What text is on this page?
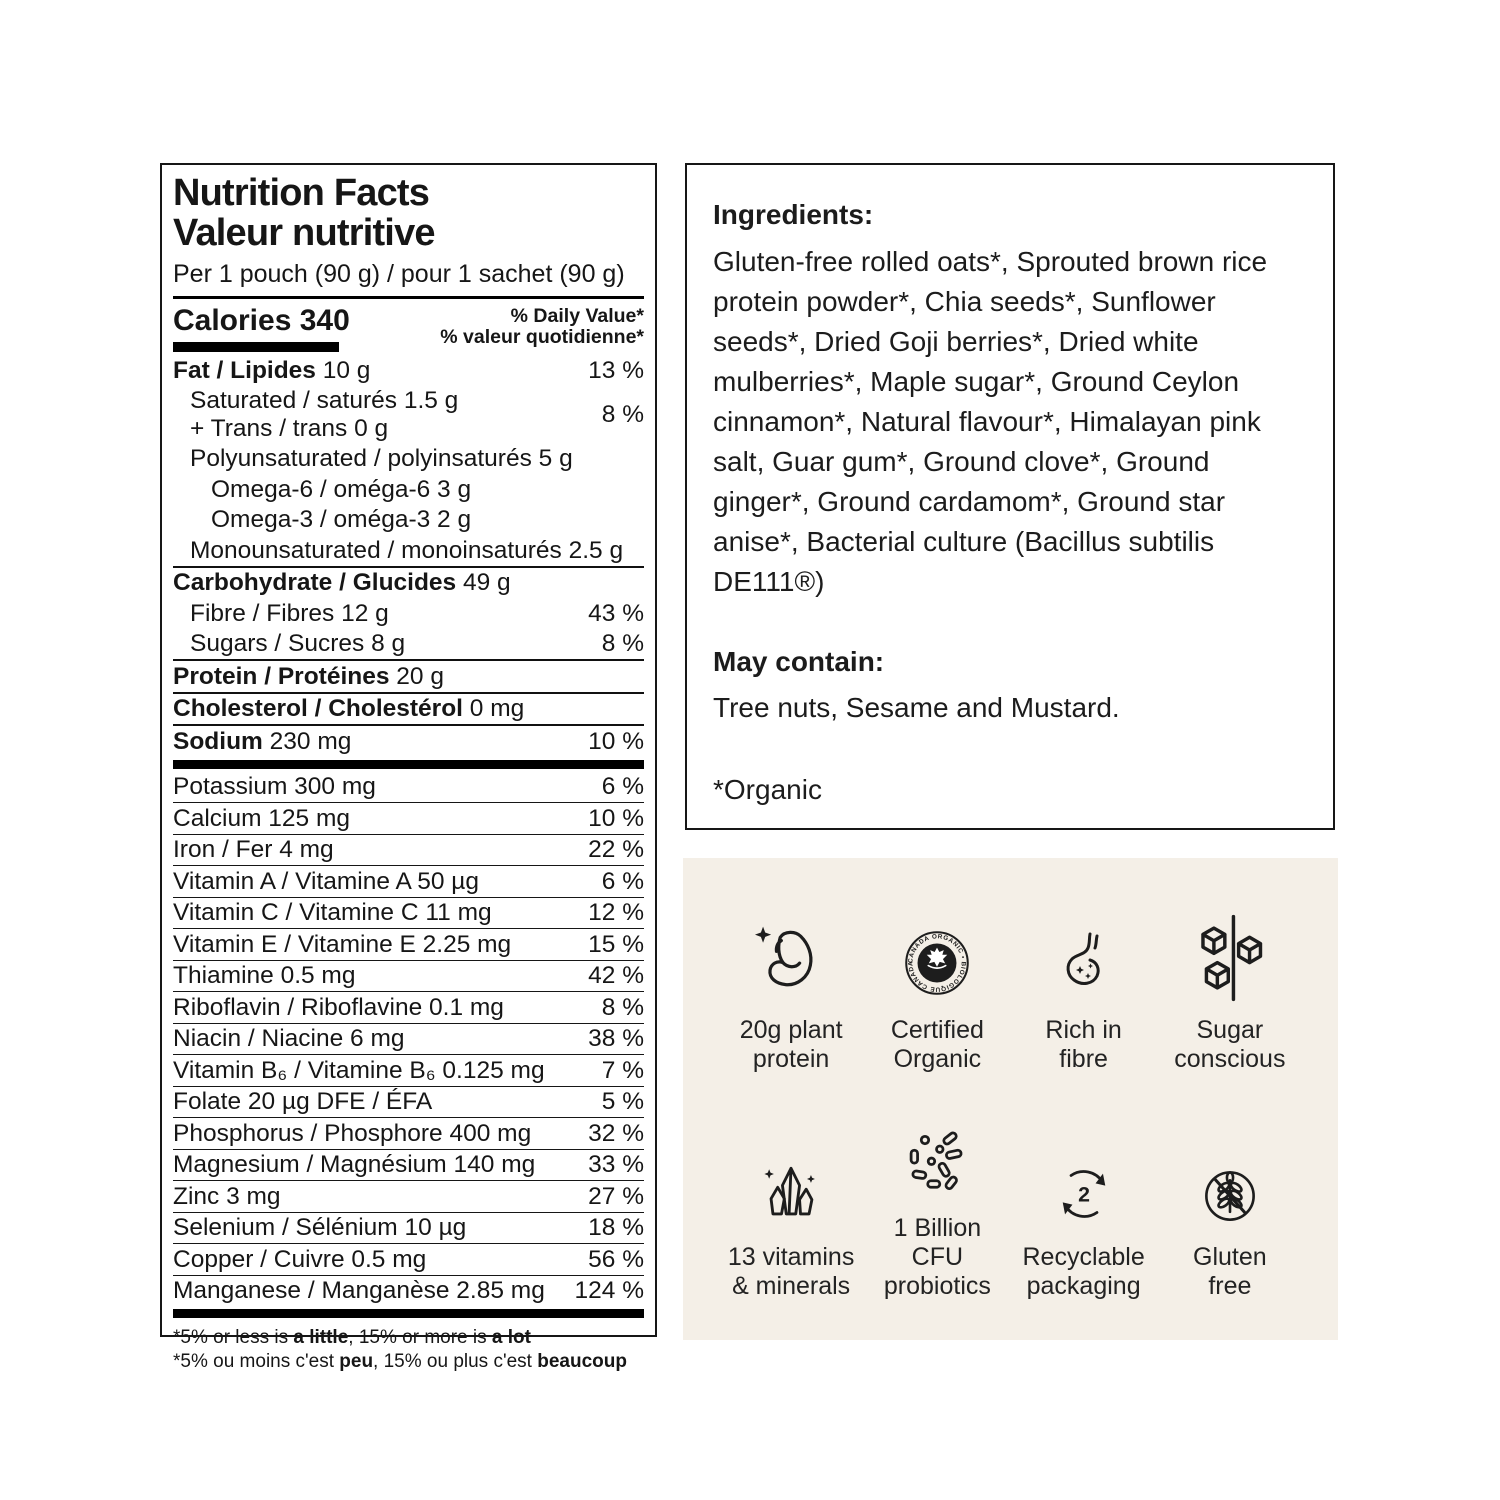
Nutrition Facts
Valeur nutritive
Per 1 pouch (90 g) / pour 1 sachet (90 g)
Calories 340	% Daily Value*
% valeur quotidienne*
Fat / Lipides 10 g	13 %
Saturated / saturés 1.5 g
+ Trans / trans 0 g
8 %
Polyunsaturated / polyinsaturés 5 g
Omega-6 / oméga-6 3 g
Omega-3 / oméga-3 2 g
Monounsaturated / monoinsaturés 2.5 g
Carbohydrate / Glucides 49 g
Fibre / Fibres 12 g	43 %
Sugars / Sucres 8 g	8 %
Protein / Protéines 20 g
Cholesterol / Cholestérol 0 mg
Sodium 230 mg	10 %
Potassium 300 mg	6 %
Calcium 125 mg	10 %
Iron / Fer 4 mg	22 %
Vitamin A / Vitamine A 50 µg	6 %
Vitamin C / Vitamine C 11 mg	12 %
Vitamin E / Vitamine E 2.25 mg	15 %
Thiamine 0.5 mg	42 %
Riboflavin / Riboflavine 0.1 mg	8 %
Niacin / Niacine 6 mg	38 %
Vitamin B₆ / Vitamine B₆ 0.125 mg	7 %
Folate 20 µg DFE / ÉFA	5 %
Phosphorus / Phosphore 400 mg	32 %
Magnesium / Magnésium 140 mg	33 %
Zinc 3 mg	27 %
Selenium / Sélénium 10 µg	18 %
Copper / Cuivre 0.5 mg	56 %
Manganese / Manganèse 2.85 mg	124 %
*5% or less is a little, 15% or more is a lot
*5% ou moins c'est peu, 15% ou plus c'est beaucoup

Ingredients:

Gluten-free rolled oats*, Sprouted brown rice protein powder*, Chia seeds*, Sunflower seeds*, Dried Goji berries*, Dried white mulberries*, Maple sugar*, Ground Ceylon cinnamon*, Natural flavour*, Himalayan pink salt, Guar gum*, Ground clove*, Ground ginger*, Ground cardamom*, Ground star anise*, Bacterial culture (Bacillus subtilis DE111®)

May contain:

Tree nuts, Sesame and Mustard.

*Organic

20g plant
protein
CANADA ORGANIC • BIOLOGIQUE CANADA
Certified
Organic
Rich in
fibre
Sugar
conscious
13 vitamins
& minerals
1 Billion CFU
probiotics
2
Recyclable
packaging
Gluten
free
